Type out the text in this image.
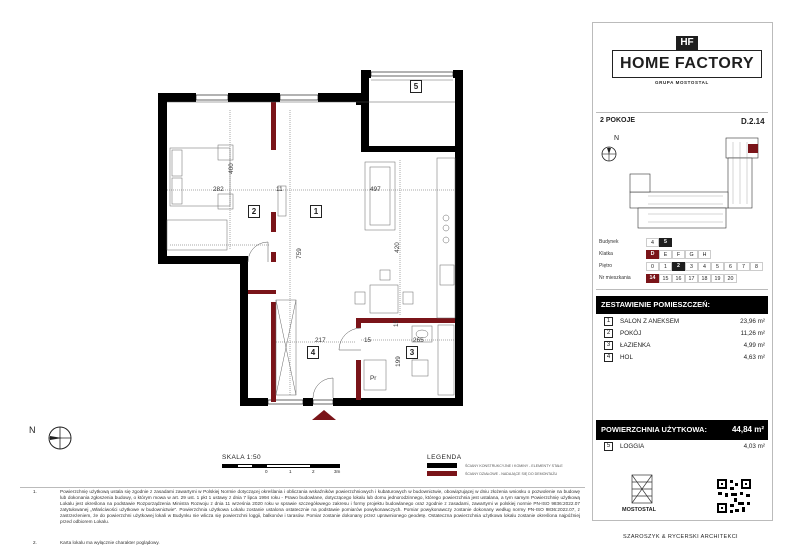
282
400
11	497
759
420
217	15
15
265
199
Pr
1
2
3
4
5
N
SKALA 1:50
0	1	2	3m
LEGENDA
ŚCIANY KONSTRUKCYJNE I KOMINY - ELEMENTY STAŁE
ŚCIANY DZIAŁOWE - NADAJĄCE SIĘ DO DEMONTAŻU
HF
HOME FACTORY
GRUPA MOSTOSTAL
2 POKOJE	D.2.14
N
Budynek
Klatka
Piętro
Nr mieszkania
4	5
D	E	F	G	H
0	1	2	3	4	5	6	7	8
14	15	16	17	18	19	20
ZESTAWIENIE POMIESZCZEŃ:
1	SALON Z ANEKSEM	23,96 m²
2	POKÓJ	11,26 m²
3	ŁAZIENKA	4,99 m²
4	HOL	4,63 m²
POWIERZCHNIA UŻYTKOWA:	44,84 m²
5	LOGGIA	4,03 m²
MOSTOSTAL
SZAROSZYK & RYCERSKI ARCHITEKCI
1.	Powierzchnię użytkową ustala się zgodnie z zasadami zawartymi w Polskiej Normie dotyczącej określania i obliczania wskaźników powierzchniowych i kubaturowych w budownictwie, obowiązującej w dniu złożenia wniosku o pozwolenie na budowę lub dokonania zgłoszenia budowy, o którym mowa w art. 29 ust. 1 pkt 1 ustawy z dnia 7 lipca 1994 roku - Prawo budowlane, dotyczącego lokalu lub domu jednorodzinnego, którego powierzchnia jest ustalana, a tym samym Powierzchnię użytkową Lokalu jest określona na podstawie Rozporządzenia Ministra Rozwoju z dnia 11 września 2020 roku w sprawie szczegółowego zakresu i formy projektu budowlanego oraz zgodnie z zasadami, zawartymi w polskiej normie PN-ISO 9836:2022.07 zatytułowanej „Właściwości użytkowe w budownictwie". Powierzchnia użytkowa Lokalu zostanie ustalona ostatecznie na podstawie pomiarów powykonawczych. Pomiar powykonawczy zostanie dokonany według normy PN-ISO 9836:2022.07, z zastrzeżeniem, że do powierzchni użytkowej lokali w Budynku nie wlicza się powierzchni loggii, balkonów i tarasów. Pomiar zostanie dokonany przez uprawnionego geodetę. Ostateczna powierzchnia użytkowa lokalu zostanie określona najpóźniej przed odbiorem Lokalu.
2.	Karta lokalu ma wyłącznie charakter poglądowy.
